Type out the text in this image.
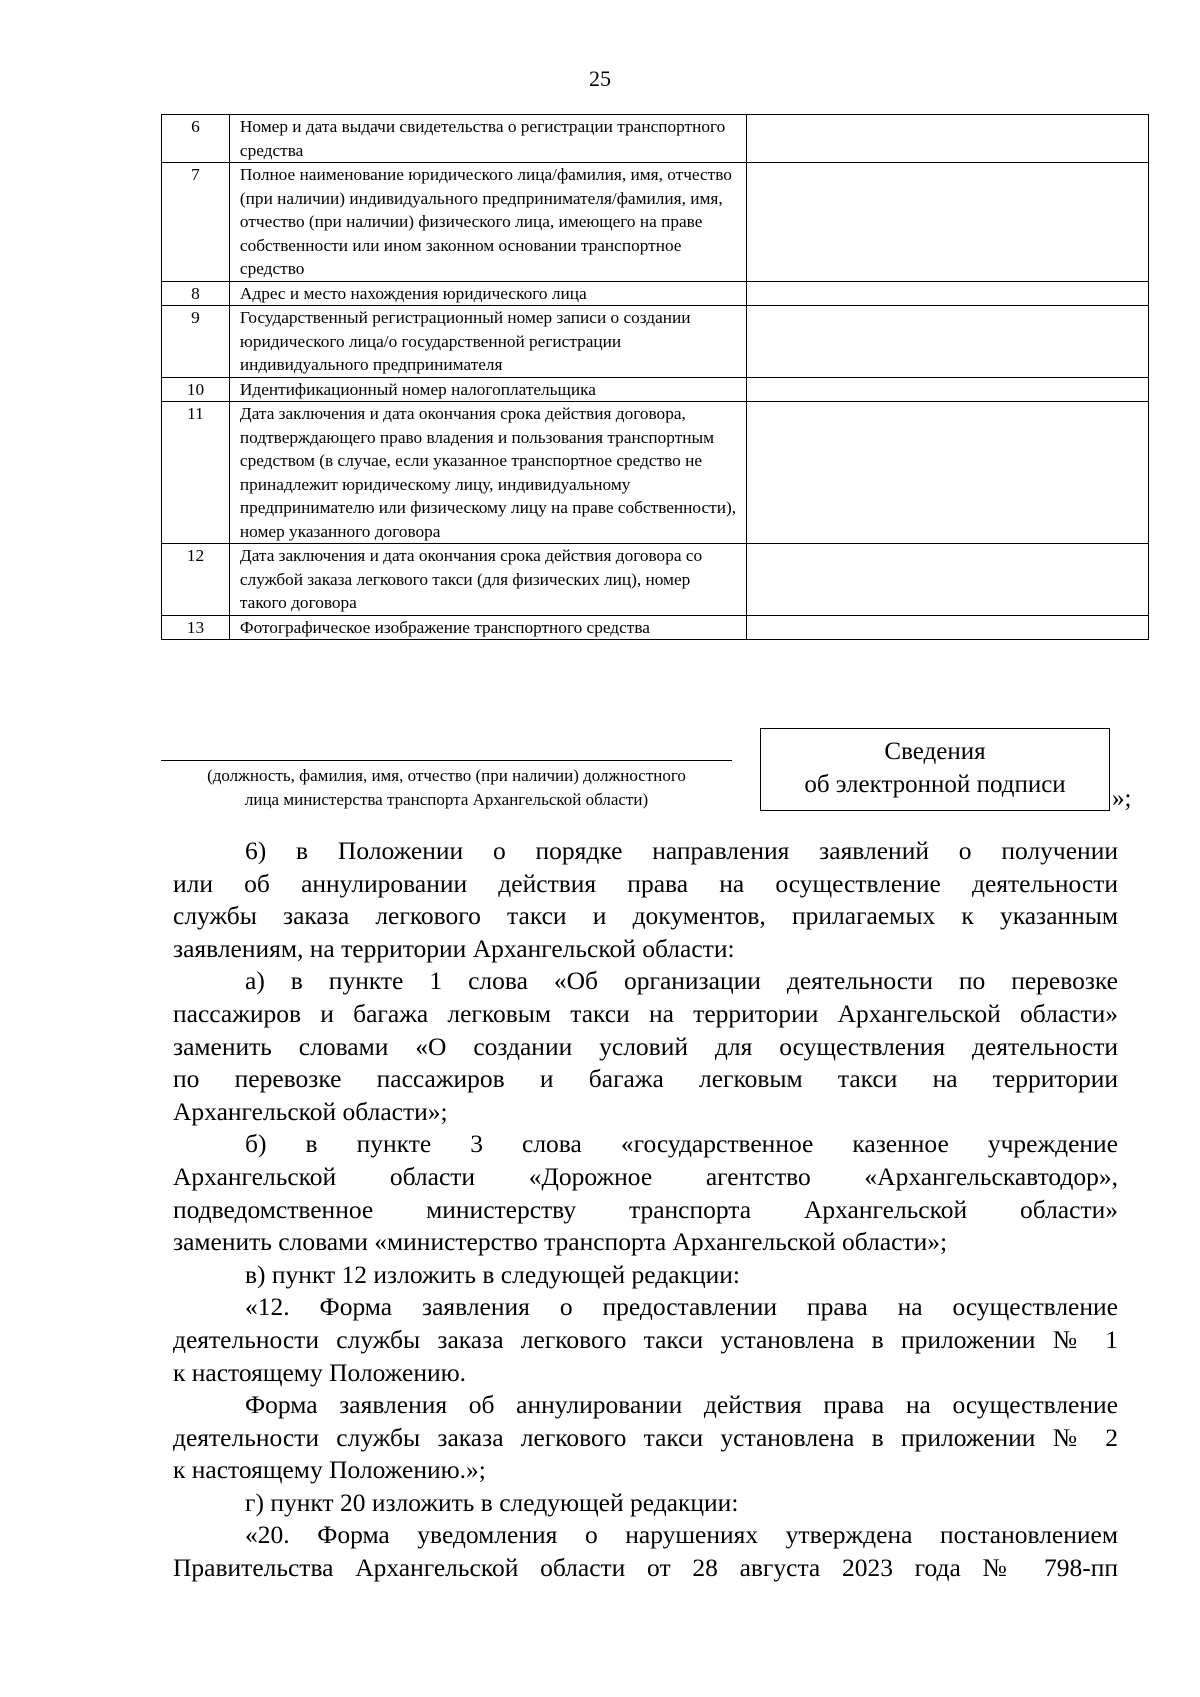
25
6	Номер и дата выдачи свидетельства о регистрации транспортного средства	
7	Полное наименование юридического лица/фамилия, имя, отчество (при наличии) индивидуального предпринимателя/фамилия, имя, отчество (при наличии) физического лица, имеющего на праве собственности или ином законном основании транспортное средство	
8	Адрес и место нахождения юридического лица	
9	Государственный регистрационный номер записи о создании юридического лица/о государственной регистрации индивидуального предпринимателя	
10	Идентификационный номер налогоплательщика	
11	Дата заключения и дата окончания срока действия договора, подтверждающего право владения и пользования транспортным средством (в случае, если указанное транспортное средство не принадлежит юридическому лицу, индивидуальному предпринимателю или физическому лицу на праве собственности), номер указанного договора	
12	Дата заключения и дата окончания срока действия договора со службой заказа легкового такси (для физических лиц), номер такого договора	
13	Фотографическое изображение транспортного средства	
(должность, фамилия, имя, отчество (при наличии) должностного
лица министерства транспорта Архангельской области)
Сведения
об электронной подписи
»;

6) в Положении о порядке направления заявлений о получении

или об аннулировании действия права на осуществление деятельности

службы заказа легкового такси и документов, прилагаемых к указанным

заявлениям, на территории Архангельской области:

а) в пункте 1 слова «Об организации деятельности по перевозке

пассажиров и багажа легковым такси на территории Архангельской области»

заменить словами «О создании условий для осуществления деятельности

по перевозке пассажиров и багажа легковым такси на территории

Архангельской области»;

б) в пункте 3 слова «государственное казенное учреждение

Архангельской области «Дорожное агентство «Архангельскавтодор»,

подведомственное министерству транспорта Архангельской области»

заменить словами «министерство транспорта Архангельской области»;

в) пункт 12 изложить в следующей редакции:

«12. Форма заявления о предоставлении права на осуществление

деятельности службы заказа легкового такси установлена в приложении № 1

к настоящему Положению.

Форма заявления об аннулировании действия права на осуществление

деятельности службы заказа легкового такси установлена в приложении № 2

к настоящему Положению.»;

г) пункт 20 изложить в следующей редакции:

«20. Форма уведомления о нарушениях утверждена постановлением

Правительства Архангельской области от 28 августа 2023 года № 798-пп
